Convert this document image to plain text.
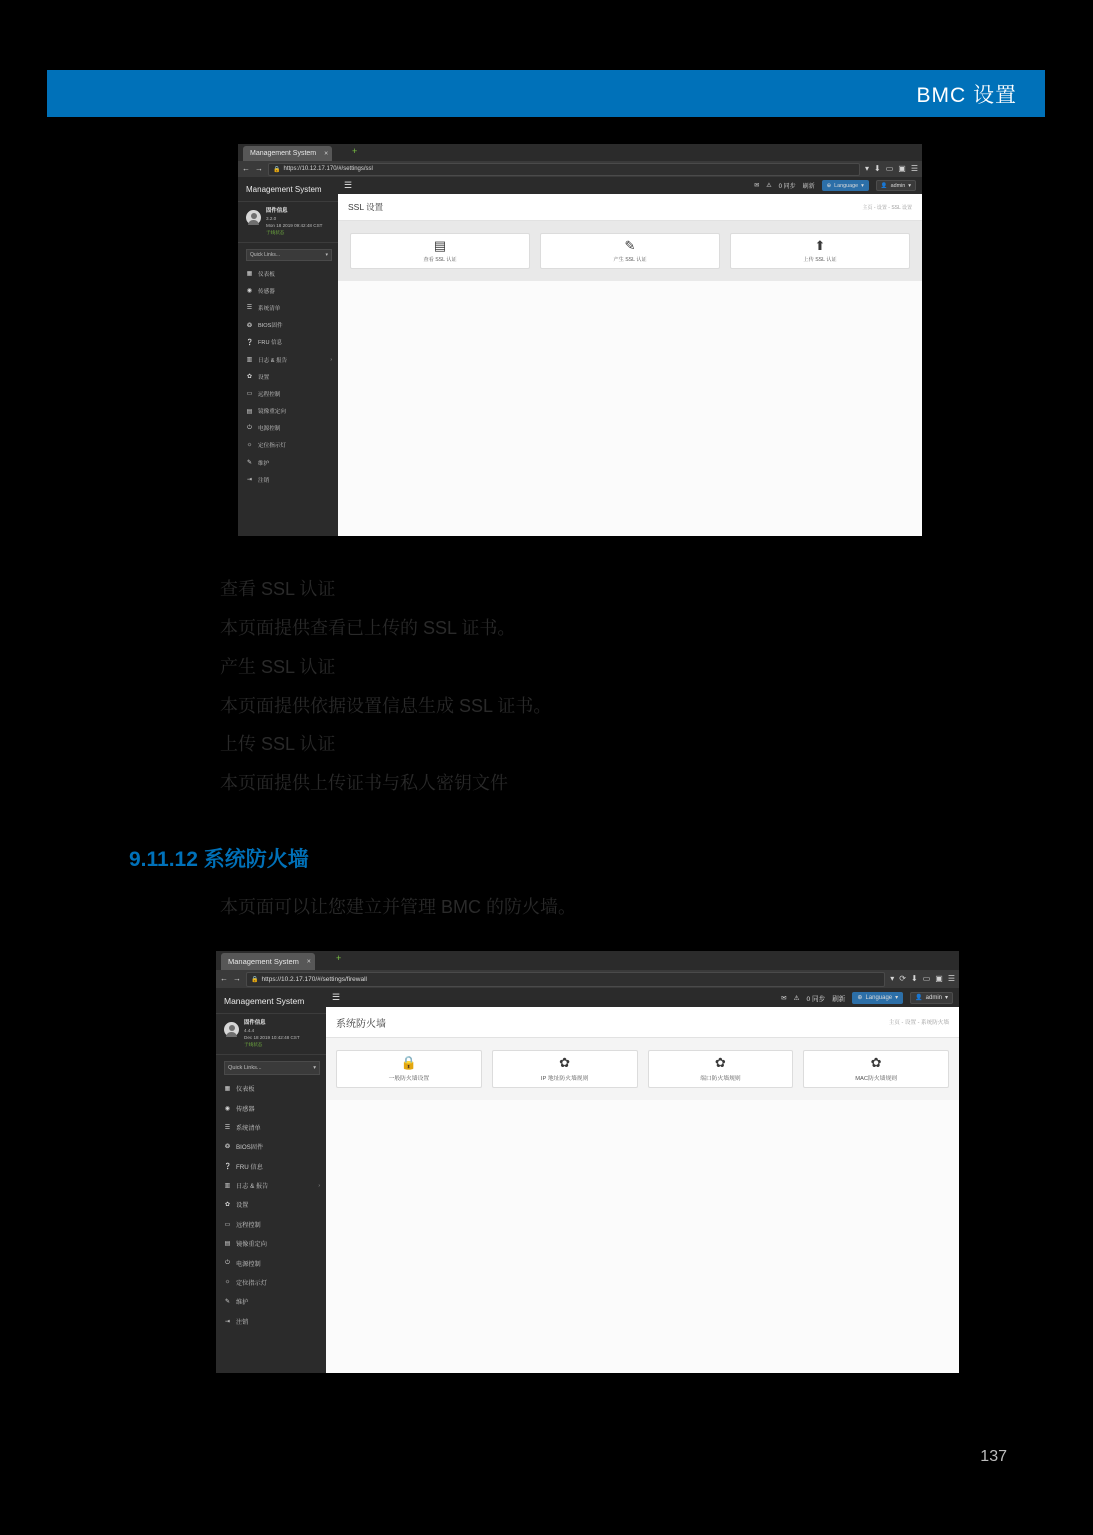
BMC 设置
Management System ×	+
← → 🔒 https://10.12.17.170/#/settings/ssl	▾ ⬇ ▭ ▣ ☰
Management System
固件信息
3.2.0
Mon 18 2019 09:42:48 CST
于线状态
Quick Links...	▾
▦ 仪表板
◉ 传感器
☰ 系统清单
❂ BIOS固件
❔ FRU 信息
▥ 日志 & 报告	›
✿ 设置
▭ 远程控制
▤ 镜像重定向
⏻ 电源控制
☼ 定位指示灯
✎ 维护
⇥ 注销
☰	✉ ⚠ 0 同步 刷新 ⊕ Language ▾	👤 admin ▾
SSL 设置	主页 - 设置 - SSL 设置
▤
查看 SSL 认证
✎
产生 SSL 认证
⬆
上传 SSL 认证
查看 SSL 认证
本页面提供查看已上传的 SSL 证书。
产生 SSL 认证
本页面提供依据设置信息生成 SSL 证书。
上传 SSL 认证
本页面提供上传证书与私人密钥文件
9.11.12 系统防火墙
本页面可以让您建立并管理 BMC 的防火墙。
Management System ×	+
← → 🔒 https://10.2.17.170/#/settings/firewall	▾ ⟳ ⬇ ▭ ▣ ☰
Management System
固件信息
4.4.4
Dec 18 2019 10:42:48 CST
于线状态
Quick Links...	▾
▦ 仪表板
◉ 传感器
☰ 系统清单
❂ BIOS固件
❔ FRU 信息
▥ 日志 & 报告	›
✿ 设置
▭ 远程控制
▤ 镜像重定向
⏻ 电源控制
☼ 定位指示灯
✎ 维护
⇥ 注销
☰	✉ ⚠ 0 同步 刷新 ⊕ Language ▾	👤 admin ▾
系统防火墙	主页 - 设置 - 系统防火墙
🔒
一般防火墙设置
✿
IP 地址防火墙规则
✿
端口防火墙规则
✿
MAC防火墙规则
137
